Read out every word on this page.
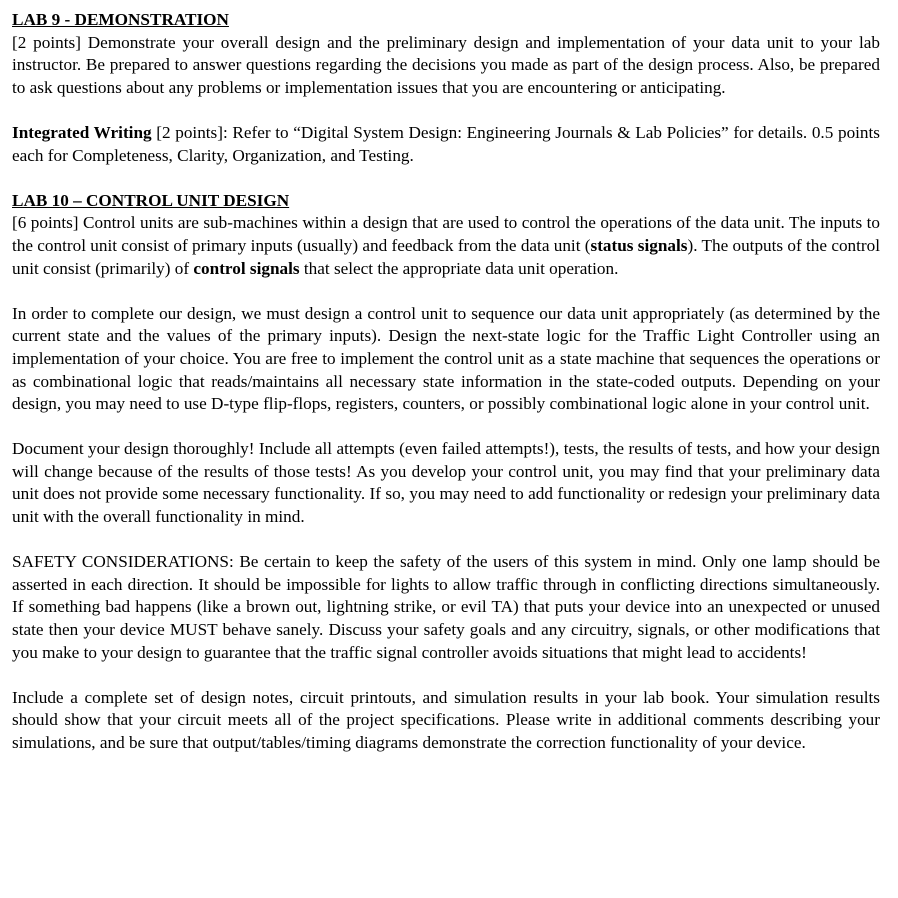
LAB 9 - DEMONSTRATION

[2 points] Demonstrate your overall design and the preliminary design and implementation of your data unit to your lab instructor. Be prepared to answer questions regarding the decisions you made as part of the design process. Also, be prepared to ask questions about any problems or implementation issues that you are encountering or anticipating.

Integrated Writing [2 points]: Refer to “Digital System Design: Engineering Journals & Lab Policies” for details. 0.5 points each for Completeness, Clarity, Organization, and Testing.

LAB 10 – CONTROL UNIT DESIGN

[6 points] Control units are sub-machines within a design that are used to control the operations of the data unit. The inputs to the control unit consist of primary inputs (usually) and feedback from the data unit (status signals). The outputs of the control unit consist (primarily) of control signals that select the appropriate data unit operation.

In order to complete our design, we must design a control unit to sequence our data unit appropriately (as determined by the current state and the values of the primary inputs). Design the next-state logic for the Traffic Light Controller using an implementation of your choice. You are free to implement the control unit as a state machine that sequences the operations or as combinational logic that reads/maintains all necessary state information in the state-coded outputs. Depending on your design, you may need to use D-type flip-flops, registers, counters, or possibly combinational logic alone in your control unit.

Document your design thoroughly! Include all attempts (even failed attempts!), tests, the results of tests, and how your design will change because of the results of those tests! As you develop your control unit, you may find that your preliminary data unit does not provide some necessary functionality. If so, you may need to add functionality or redesign your preliminary data unit with the overall functionality in mind.

SAFETY CONSIDERATIONS: Be certain to keep the safety of the users of this system in mind. Only one lamp should be asserted in each direction. It should be impossible for lights to allow traffic through in conflicting directions simultaneously. If something bad happens (like a brown out, lightning strike, or evil TA) that puts your device into an unexpected or unused state then your device MUST behave sanely. Discuss your safety goals and any circuitry, signals, or other modifications that you make to your design to guarantee that the traffic signal controller avoids situations that might lead to accidents!

Include a complete set of design notes, circuit printouts, and simulation results in your lab book. Your simulation results should show that your circuit meets all of the project specifications. Please write in additional comments describing your simulations, and be sure that output/tables/timing diagrams demonstrate the correction functionality of your device.
